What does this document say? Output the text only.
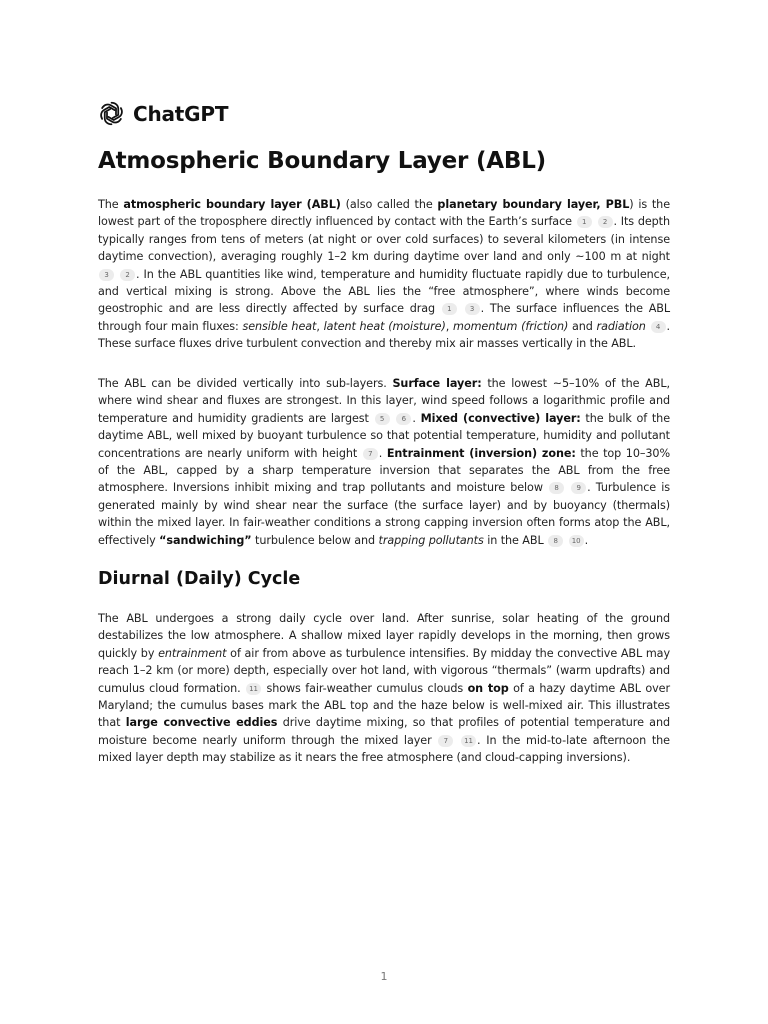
ChatGPT
Atmospheric Boundary Layer (ABL)

The atmospheric boundary layer (ABL) (also called the planetary boundary layer, PBL) is the lowest part of the troposphere directly influenced by contact with the Earth’s surface 1 2 . Its depth typically ranges from tens of meters (at night or over cold surfaces) to several kilometers (in intense daytime convection), averaging roughly 1–2 km during daytime over land and only ~100 m at night 3 2 . In the ABL quantities like wind, temperature and humidity fluctuate rapidly due to turbulence, and vertical mixing is strong. Above the ABL lies the “free atmosphere”, where winds become geostrophic and are less directly affected by surface drag 1	3 . The surface influences the ABL through four main fluxes: sensible heat, latent heat (moisture), momentum (friction) and radiation 4 . These surface fluxes drive turbulent convection and thereby mix air masses vertically in the ABL.

The ABL can be divided vertically into sub-layers. Surface layer: the lowest ~5–10% of the ABL, where wind shear and fluxes are strongest. In this layer, wind speed follows a logarithmic profile and temperature and humidity gradients are largest 5 6 . Mixed (convective) layer: the bulk of the daytime ABL, well mixed by buoyant turbulence so that potential temperature, humidity and pollutant concentrations are nearly uniform with height 7 . Entrainment (inversion) zone: the top 10–30% of the ABL, capped by a sharp temperature inversion that separates the ABL from the free atmosphere. Inversions inhibit mixing and trap pollutants and moisture below 8	9 . Turbulence is generated mainly by wind shear near the surface (the surface layer) and by buoyancy (thermals) within the mixed layer. In fair-weather conditions a strong capping inversion often forms atop the ABL, effectively “sandwiching” turbulence below and trapping pollutants in the ABL 8 10 .

Diurnal (Daily) Cycle

The ABL undergoes a strong daily cycle over land. After sunrise, solar heating of the ground destabilizes the low atmosphere. A shallow mixed layer rapidly develops in the morning, then grows quickly by entrainment of air from above as turbulence intensifies. By midday the convective ABL may reach 1–2 km (or more) depth, especially over hot land, with vigorous “thermals” (warm updrafts) and cumulus cloud formation. 11 shows fair-weather cumulus clouds on top of a hazy daytime ABL over Maryland; the cumulus bases mark the ABL top and the haze below is well-mixed air. This illustrates that large convective eddies drive daytime mixing, so that profiles of potential temperature and moisture become nearly uniform through the mixed layer 7 11 . In the mid-to-late afternoon the mixed layer depth may stabilize as it nears the free atmosphere (and cloud-capping inversions).

1
